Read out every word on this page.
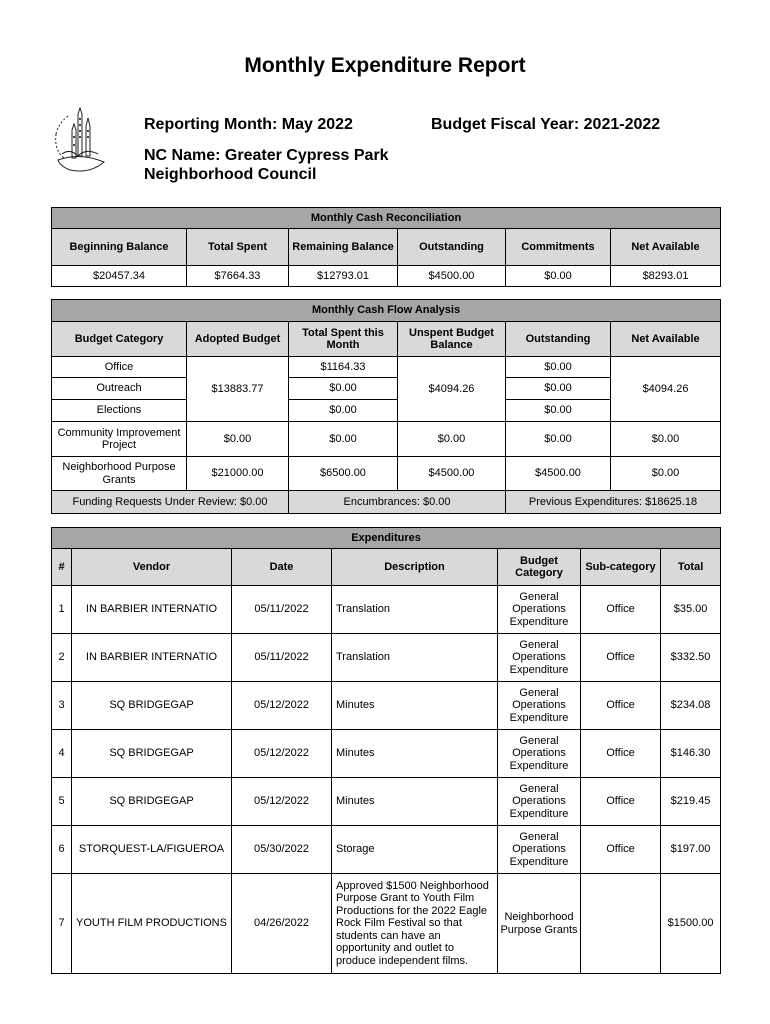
Monthly Expenditure Report
Reporting Month: May 2022	Budget Fiscal Year: 2021-2022
NC Name: Greater Cypress Park
Neighborhood Council
Monthly Cash Reconciliation					
Beginning Balance	Total Spent	Remaining Balance	Outstanding	Commitments	Net Available
$20457.34	$7664.33	$12793.01	$4500.00	$0.00	$8293.01
Monthly Cash Flow Analysis					
Budget Category	Adopted Budget	Total Spent this Month	Unspent Budget Balance	Outstanding	Net Available
Office	$13883.77	$1164.33	$4094.26	$0.00	$4094.26
Outreach		$0.00		$0.00	
Elections		$0.00		$0.00	
Community Improvement Project	$0.00	$0.00	$0.00	$0.00	$0.00
Neighborhood Purpose Grants	$21000.00	$6500.00	$4500.00	$4500.00	$0.00
Funding Requests Under Review: $0.00		Encumbrances: $0.00		Previous Expenditures: $18625.18	
Expenditures						
#	Vendor	Date	Description	Budget Category	Sub-category	Total
1	IN BARBIER INTERNATIO	05/11/2022	Translation	General Operations Expenditure	Office	$35.00
2	IN BARBIER INTERNATIO	05/11/2022	Translation	General Operations Expenditure	Office	$332.50
3	SQ BRIDGEGAP	05/12/2022	Minutes	General Operations Expenditure	Office	$234.08
4	SQ BRIDGEGAP	05/12/2022	Minutes	General Operations Expenditure	Office	$146.30
5	SQ BRIDGEGAP	05/12/2022	Minutes	General Operations Expenditure	Office	$219.45
6	STORQUEST-LA/FIGUEROA	05/30/2022	Storage	General Operations Expenditure	Office	$197.00
7	YOUTH FILM PRODUCTIONS	04/26/2022	Approved $1500 Neighborhood Purpose Grant to Youth Film Productions for the 2022 Eagle Rock Film Festival so that students can have an opportunity and outlet to produce independent films.	Neighborhood Purpose Grants		$1500.00
